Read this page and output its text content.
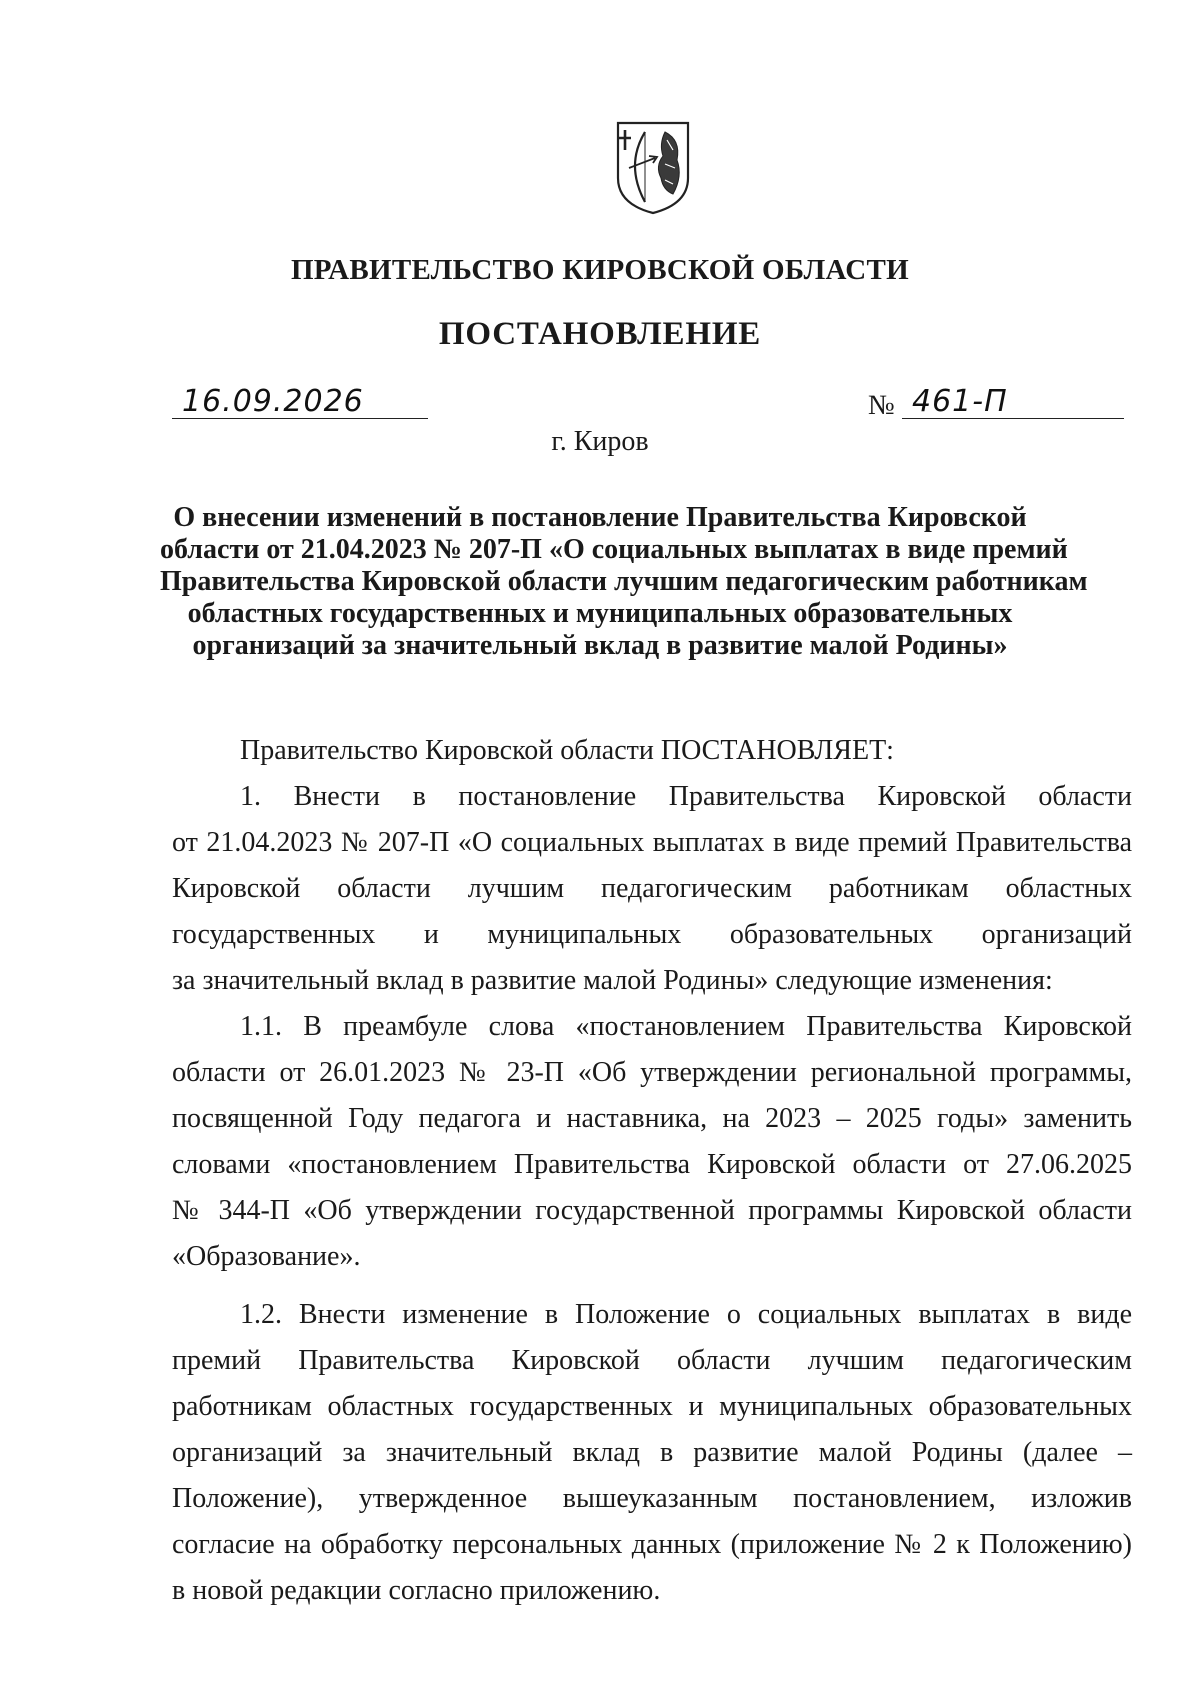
ПРАВИТЕЛЬСТВО КИРОВСКОЙ ОБЛАСТИ
ПОСТАНОВЛЕНИЕ
16.09.2026	№ 461-П
г. Киров
О внесении изменений в постановление Правительства Кировской
области от 21.04.2023 № 207-П «О социальных выплатах в виде премий
Правительства Кировской области лучшим педагогическим работникам
областных государственных и муниципальных образовательных
организаций за значительный вклад в развитие малой Родины»

Правительство Кировской области ПОСТАНОВЛЯЕТ:

1. Внести в постановление Правительства Кировской области
от 21.04.2023 № 207-П «О социальных выплатах в виде премий Правительства
Кировской области лучшим педагогическим работникам областных
государственных и муниципальных образовательных организаций
за значительный вклад в развитие малой Родины» следующие изменения:

1.1. В преамбуле слова «постановлением Правительства Кировской
области от 26.01.2023 № 23-П «Об утверждении региональной программы,
посвященной Году педагога и наставника, на 2023 – 2025 годы» заменить
словами «постановлением Правительства Кировской области от 27.06.2025
№ 344-П «Об утверждении государственной программы Кировской области
«Образование».

1.2. Внести изменение в Положение о социальных выплатах в виде
премий Правительства Кировской области лучшим педагогическим
работникам областных государственных и муниципальных образовательных
организаций за значительный вклад в развитие малой Родины (далее –
Положение), утвержденное вышеуказанным постановлением, изложив
согласие на обработку персональных данных (приложение № 2 к Положению)
в новой редакции согласно приложению.
